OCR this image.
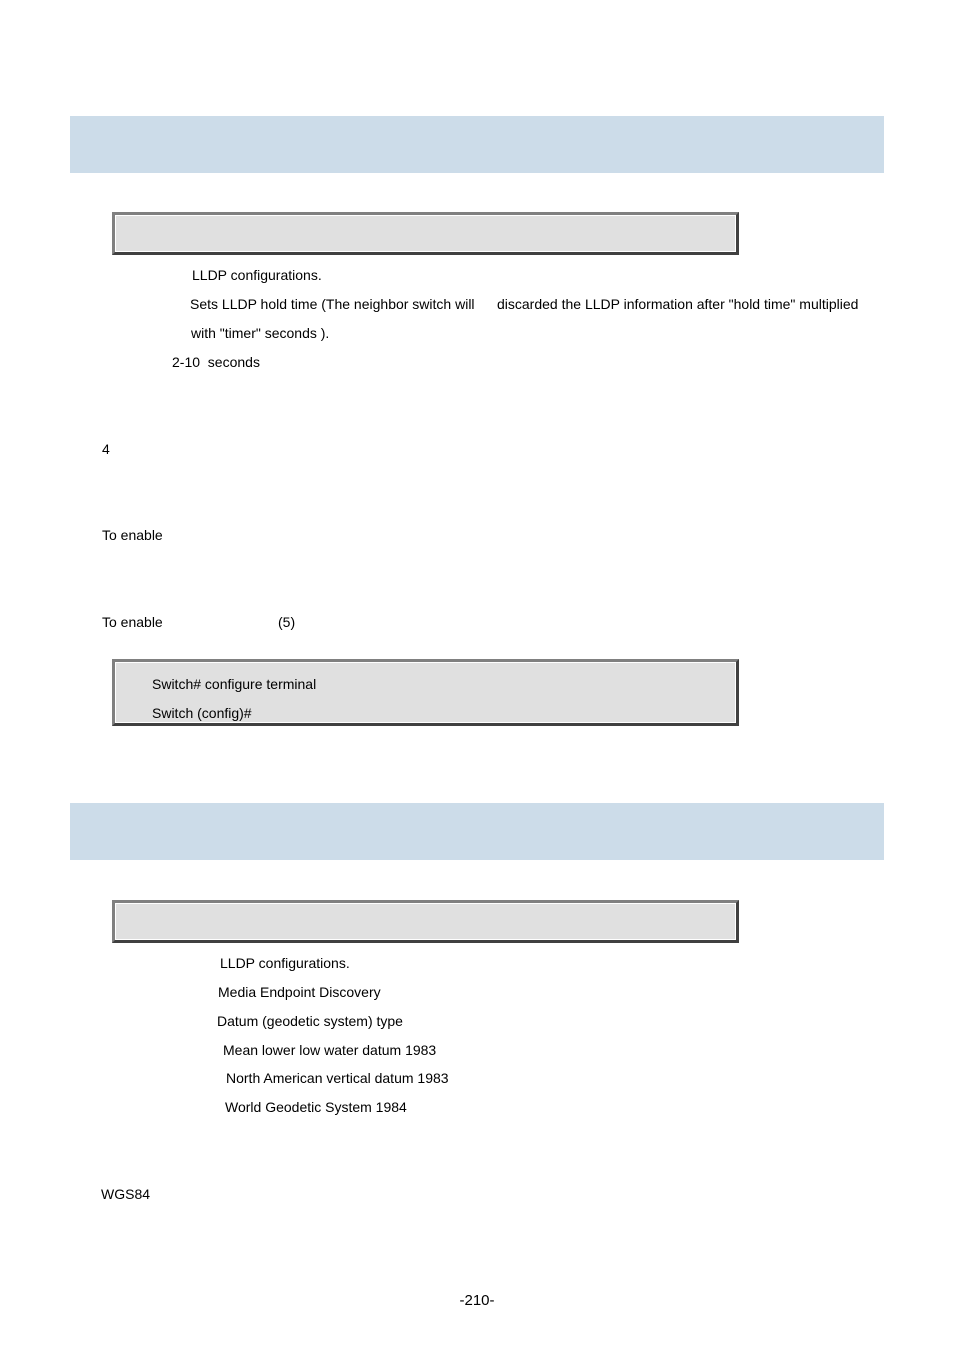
LLDP configurations.
Sets LLDP hold time (The neighbor switch will discarded the LLDP information after "hold time" multiplied
with "timer" seconds ).
2-10  seconds
4
To enable
To enable	(5)
Switch# configure terminal
Switch (config)#
LLDP configurations.
Media Endpoint Discovery
Datum (geodetic system) type
Mean lower low water datum 1983
North American vertical datum 1983
World Geodetic System 1984
WGS84
-210-
